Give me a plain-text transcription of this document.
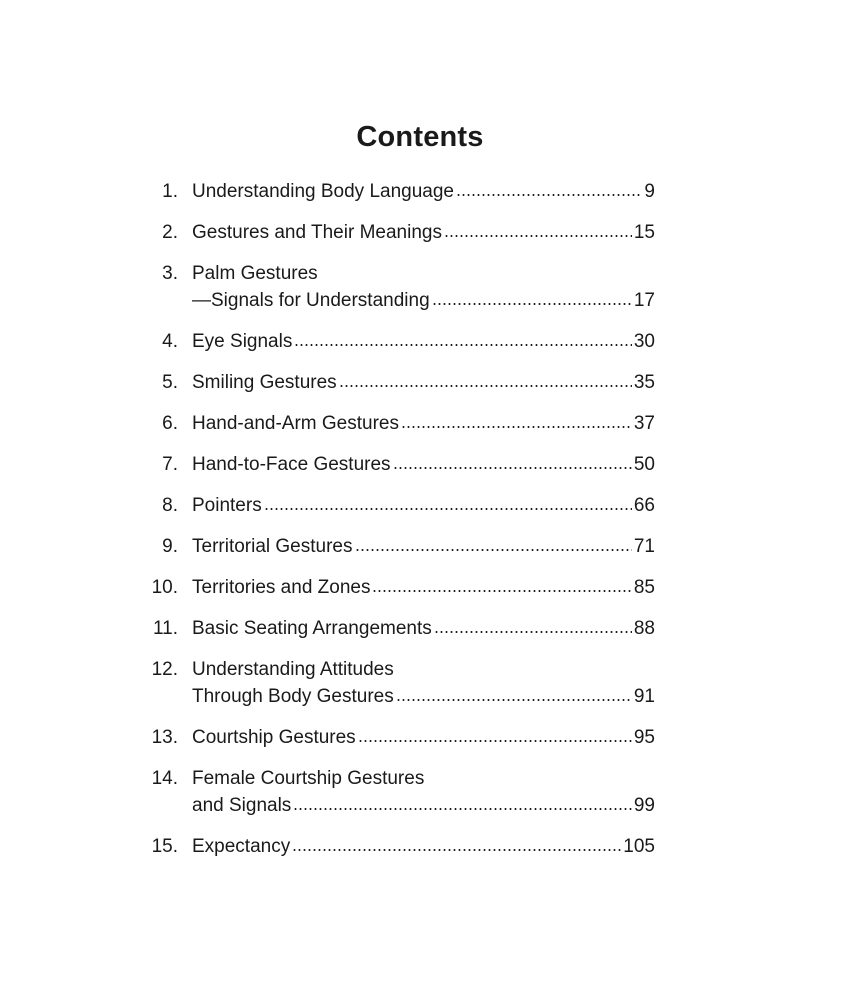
Contents
1. Understanding Body Language	9
2. Gestures and Their Meanings	15
3. Palm Gestures
—Signals for Understanding	17
4. Eye Signals	30
5. Smiling Gestures	35
6. Hand-and-Arm Gestures	37
7. Hand-to-Face Gestures	50
8. Pointers	66
9. Territorial Gestures	71
10. Territories and Zones	85
11. Basic Seating Arrangements	88
12. Understanding Attitudes
Through Body Gestures	91
13. Courtship Gestures	95
14. Female Courtship Gestures
and Signals	99
15. Expectancy	105
